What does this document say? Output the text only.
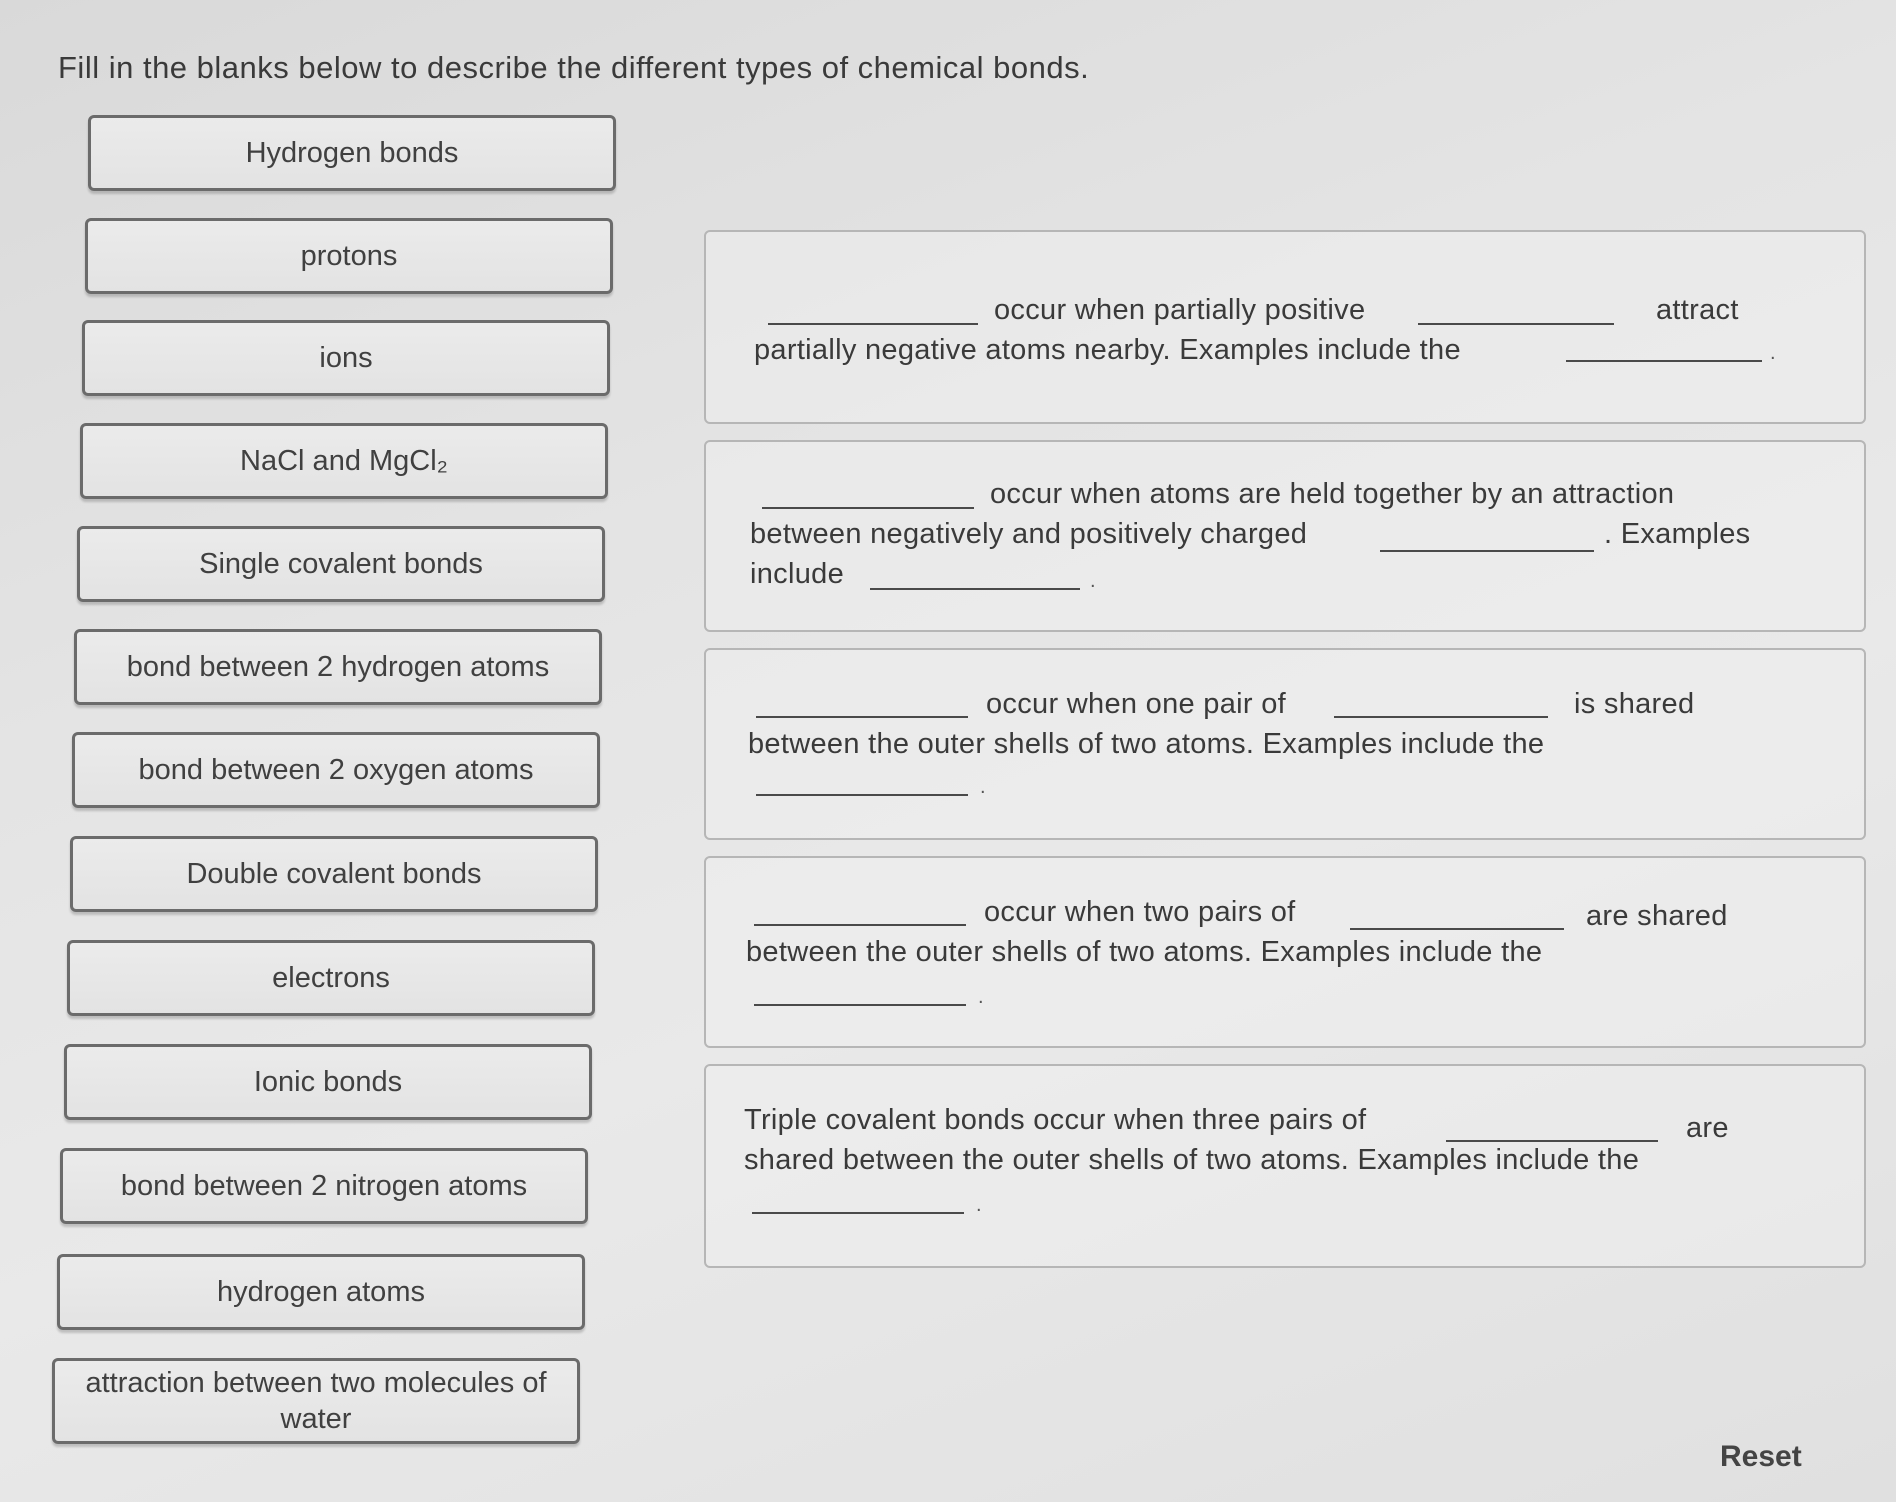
Fill in the blanks below to describe the different types of chemical bonds.
Hydrogen bonds
protons
ions
NaCl and MgCl₂
Single covalent bonds
bond between 2 hydrogen atoms
bond between 2 oxygen atoms
Double covalent bonds
electrons
Ionic bonds
bond between 2 nitrogen atoms
hydrogen atoms
attraction between two molecules of water
occur when partially positive	attract
partially negative atoms nearby. Examples include the	.
occur when atoms are held together by an attraction
between negatively and positively charged	. Examples
include	.
occur when one pair of	is shared
between the outer shells of two atoms. Examples include the
.
occur when two pairs of	are shared
between the outer shells of two atoms. Examples include the
.
Triple covalent bonds occur when three pairs of	are
shared between the outer shells of two atoms. Examples include the
.
Reset
